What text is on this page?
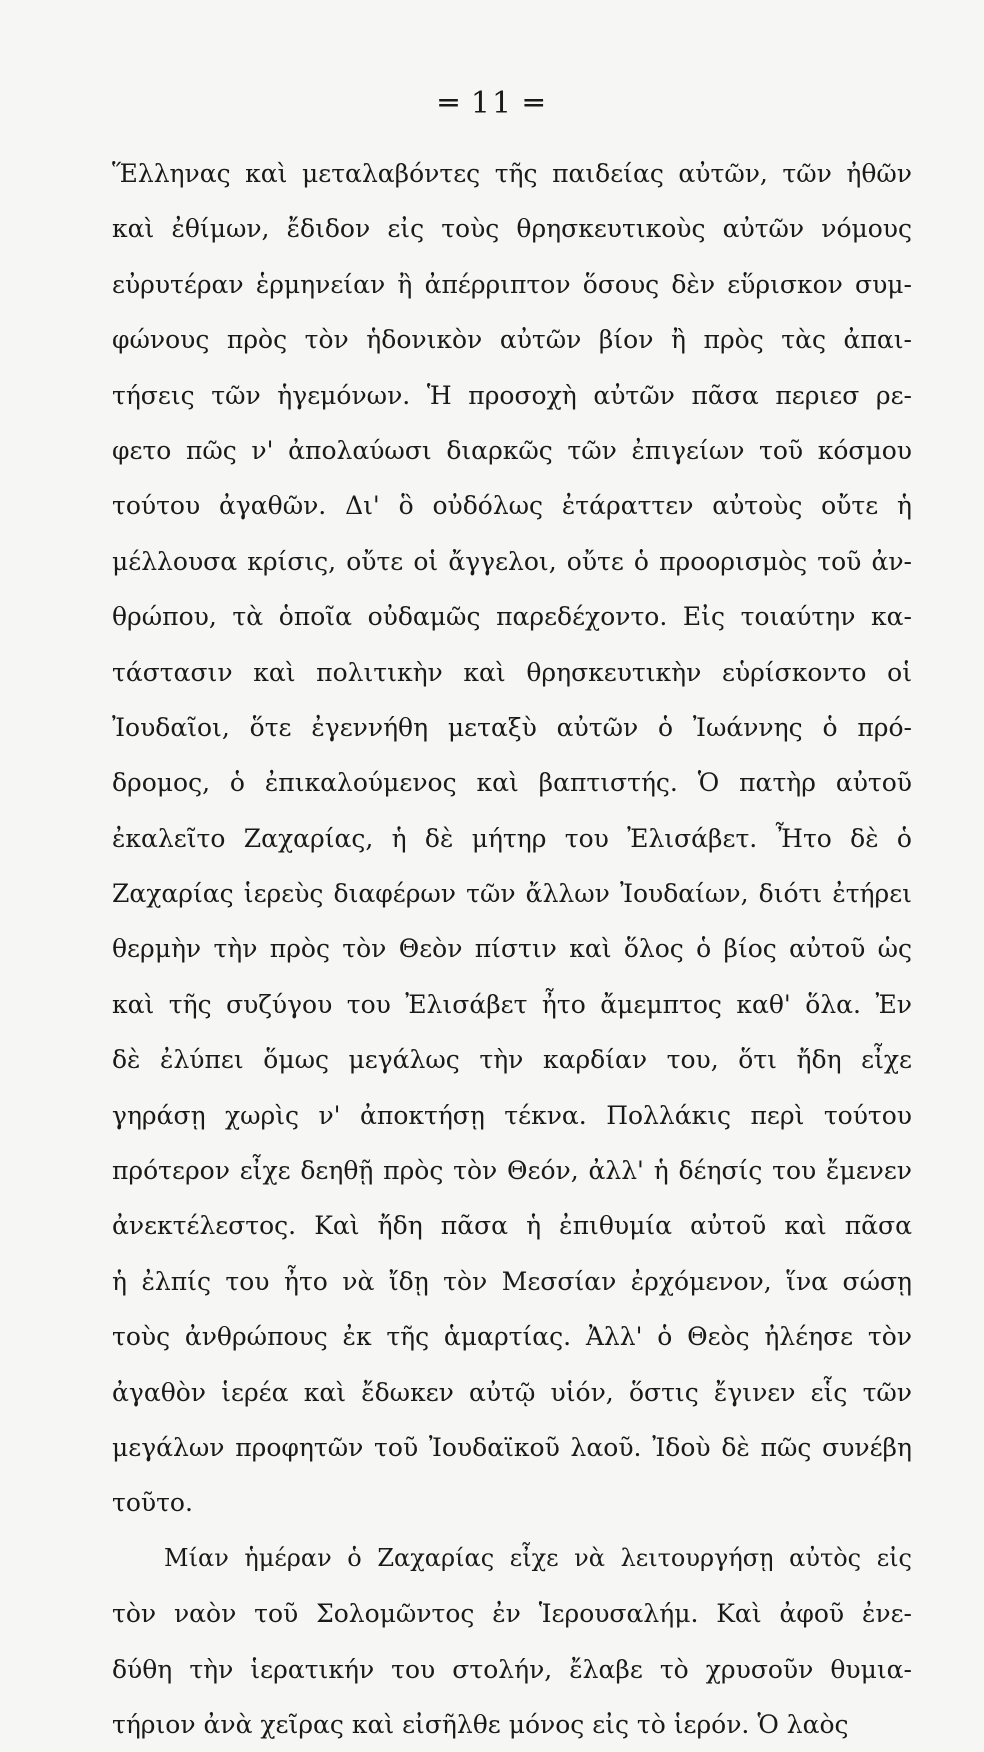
═ 11 ═
Ἕλληνας καὶ μεταλαβόντες τῆς παιδείας αὐτῶν, τῶν ἠθῶν
καὶ ἐθίμων, ἔδιδον εἰς τοὺς θρησκευτικοὺς αὐτῶν νόμους
εὐρυτέραν ἑρμηνείαν ἢ ἀπέρριπτον ὅσους δὲν εὕρισκον συμ-
φώνους πρὸς τὸν ἡδονικὸν αὐτῶν βίον ἢ πρὸς τὰς ἀπαι-
τήσεις τῶν ἡγεμόνων. Ἡ προσοχὴ αὐτῶν πᾶσα περιεσ ρε-
φετο πῶς ν' ἀπολαύωσι διαρκῶς τῶν ἐπιγείων τοῦ κόσμου
τούτου ἀγαθῶν. Δι' ὃ οὐδόλως ἐτάραττεν αὐτοὺς οὔτε ἡ
μέλλουσα κρίσις, οὔτε οἱ ἄγγελοι, οὔτε ὁ προορισμὸς τοῦ ἀν-
θρώπου, τὰ ὁποῖα οὐδαμῶς παρεδέχοντο. Εἰς τοιαύτην κα-
τάστασιν καὶ πολιτικὴν καὶ θρησκευτικὴν εὑρίσκοντο οἱ
Ἰουδαῖοι, ὅτε ἐγεννήθη μεταξὺ αὐτῶν ὁ Ἰωάννης ὁ πρό-
δρομος, ὁ ἐπικαλούμενος καὶ βαπτιστής. Ὁ πατὴρ αὐτοῦ
ἐκαλεῖτο Ζαχαρίας, ἡ δὲ μήτηρ του Ἐλισάβετ. Ἦτο δὲ ὁ
Ζαχαρίας ἱερεὺς διαφέρων τῶν ἄλλων Ἰουδαίων, διότι ἐτήρει
θερμὴν τὴν πρὸς τὸν Θεὸν πίστιν καὶ ὅλος ὁ βίος αὐτοῦ ὡς
καὶ τῆς συζύγου του Ἐλισάβετ ἦτο ἄμεμπτος καθ' ὅλα. Ἐν
δὲ ἐλύπει ὅμως μεγάλως τὴν καρδίαν του, ὅτι ἤδη εἶχε
γηράσῃ χωρὶς ν' ἀποκτήσῃ τέκνα. Πολλάκις περὶ τούτου
πρότερον εἶχε δεηθῇ πρὸς τὸν Θεόν, ἀλλ' ἡ δέησίς του ἔμενεν
ἀνεκτέλεστος. Καὶ ἤδη πᾶσα ἡ ἐπιθυμία αὐτοῦ καὶ πᾶσα
ἡ ἐλπίς του ἦτο νὰ ἴδῃ τὸν Μεσσίαν ἐρχόμενον, ἵνα σώσῃ
τοὺς ἀνθρώπους ἐκ τῆς ἁμαρτίας. Ἀλλ' ὁ Θεὸς ἠλέησε τὸν
ἀγαθὸν ἱερέα καὶ ἔδωκεν αὐτῷ υἱόν, ὅστις ἔγινεν εἷς τῶν
μεγάλων προφητῶν τοῦ Ἰουδαϊκοῦ λαοῦ. Ἰδοὺ δὲ πῶς συνέβη
τοῦτο.
Μίαν ἡμέραν ὁ Ζαχαρίας εἶχε νὰ λειτουργήσῃ αὐτὸς εἰς
τὸν ναὸν τοῦ Σολομῶντος ἐν Ἱερουσαλήμ. Καὶ ἀφοῦ ἐνε-
δύθη τὴν ἱερατικήν του στολήν, ἔλαβε τὸ χρυσοῦν θυμια-
τήριον ἀνὰ χεῖρας καὶ εἰσῆλθε μόνος εἰς τὸ ἱερόν. Ὁ λαὸς
